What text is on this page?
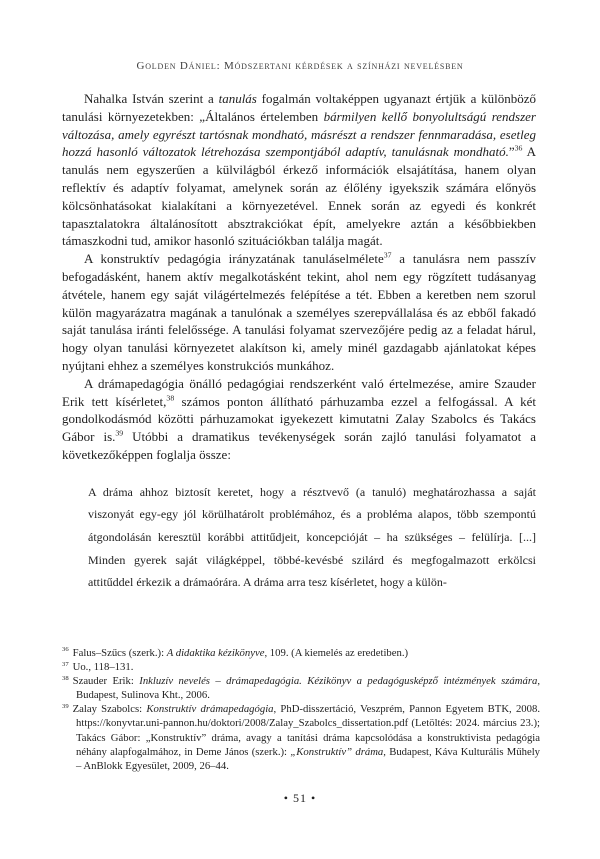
Golden Dániel: Módszertani kérdések a színházi nevelésben

Nahalka István szerint a tanulás fogalmán voltaképpen ugyanazt értjük a különböző tanulási környezetekben: „Általános értelemben bármilyen kellő bonyolultságú rendszer változása, amely egyrészt tartósnak mondható, másrészt a rendszer fennmaradása, esetleg hozzá hasonló változatok létrehozása szempontjából adaptív, tanulásnak mondható.”$^{36}$ A tanulás nem egyszerűen a külvilágból érkező információk elsajátítása, hanem olyan reflektív és adaptív folyamat, amelynek során az élőlény igyekszik számára előnyös kölcsönhatásokat kialakítani a környezetével. Ennek során az egyedi és konkrét tapasztalatokra általánosított absztrakciókat épít, amelyekre aztán a későbbiekben támaszkodni tud, amikor hasonló szituációkban találja magát.

A konstruktív pedagógia irányzatának tanuláselmélete$^{37}$ a tanulásra nem passzív befogadásként, hanem aktív megalkotásként tekint, ahol nem egy rögzített tudásanyag átvétele, hanem egy saját világértelmezés felépítése a tét. Ebben a keretben nem szorul külön magyarázatra magának a tanulónak a személyes szerepvállalása és az ebből fakadó saját tanulása iránti felelőssége. A tanulási folyamat szervezőjére pedig az a feladat hárul, hogy olyan tanulási környezetet alakítson ki, amely minél gazdagabb ajánlatokat képes nyújtani ehhez a személyes konstrukciós munkához.

A drámapedagógia önálló pedagógiai rendszerként való értelmezése, amire Szauder Erik tett kísérletet,$^{38}$ számos ponton állítható párhuzamba ezzel a felfogással. A két gondolkodásmód közötti párhuzamokat igyekezett kimutatni Zalay Szabolcs és Takács Gábor is.$^{39}$ Utóbbi a dramatikus tevékenységek során zajló tanulási folyamatot a következőképpen foglalja össze:

A dráma ahhoz biztosít keretet, hogy a résztvevő (a tanuló) meghatározhassa a saját viszonyát egy-egy jól körülhatárolt problémához, és a probléma alapos, több szempontú átgondolásán keresztül korábbi attitűdjeit, koncepcióját – ha szükséges – felülírja. [...] Minden gyerek saját világképpel, többé-kevésbé szilárd és megfogalmazott erkölcsi attitűddel érkezik a drámaórára. A dráma arra tesz kísérletet, hogy a külön-

$^{36}$ Falus–Szűcs (szerk.): A didaktika kézikönyve, 109. (A kiemelés az eredetiben.)

$^{37}$ Uo., 118–131.

$^{38}$ Szauder Erik: Inkluzív nevelés – drámapedagógia. Kézikönyv a pedagógusképző intézmények számára, Budapest, Sulinova Kht., 2006.

$^{39}$ Zalay Szabolcs: Konstruktív drámapedagógia, PhD-disszertáció, Veszprém, Pannon Egyetem BTK, 2008. https://konyvtar.uni-pannon.hu/doktori/2008/Zalay_Szabolcs_dissertation.pdf (Letöltés: 2024. március 23.); Takács Gábor: „Konstruktív” dráma, avagy a tanítási dráma kapcsolódása a konstruktivista pedagógia néhány alapfogalmához, in Deme János (szerk.): „Konstruktív” dráma, Budapest, Káva Kulturális Műhely – AnBlokk Egyesület, 2009, 26–44.

• 51 •
